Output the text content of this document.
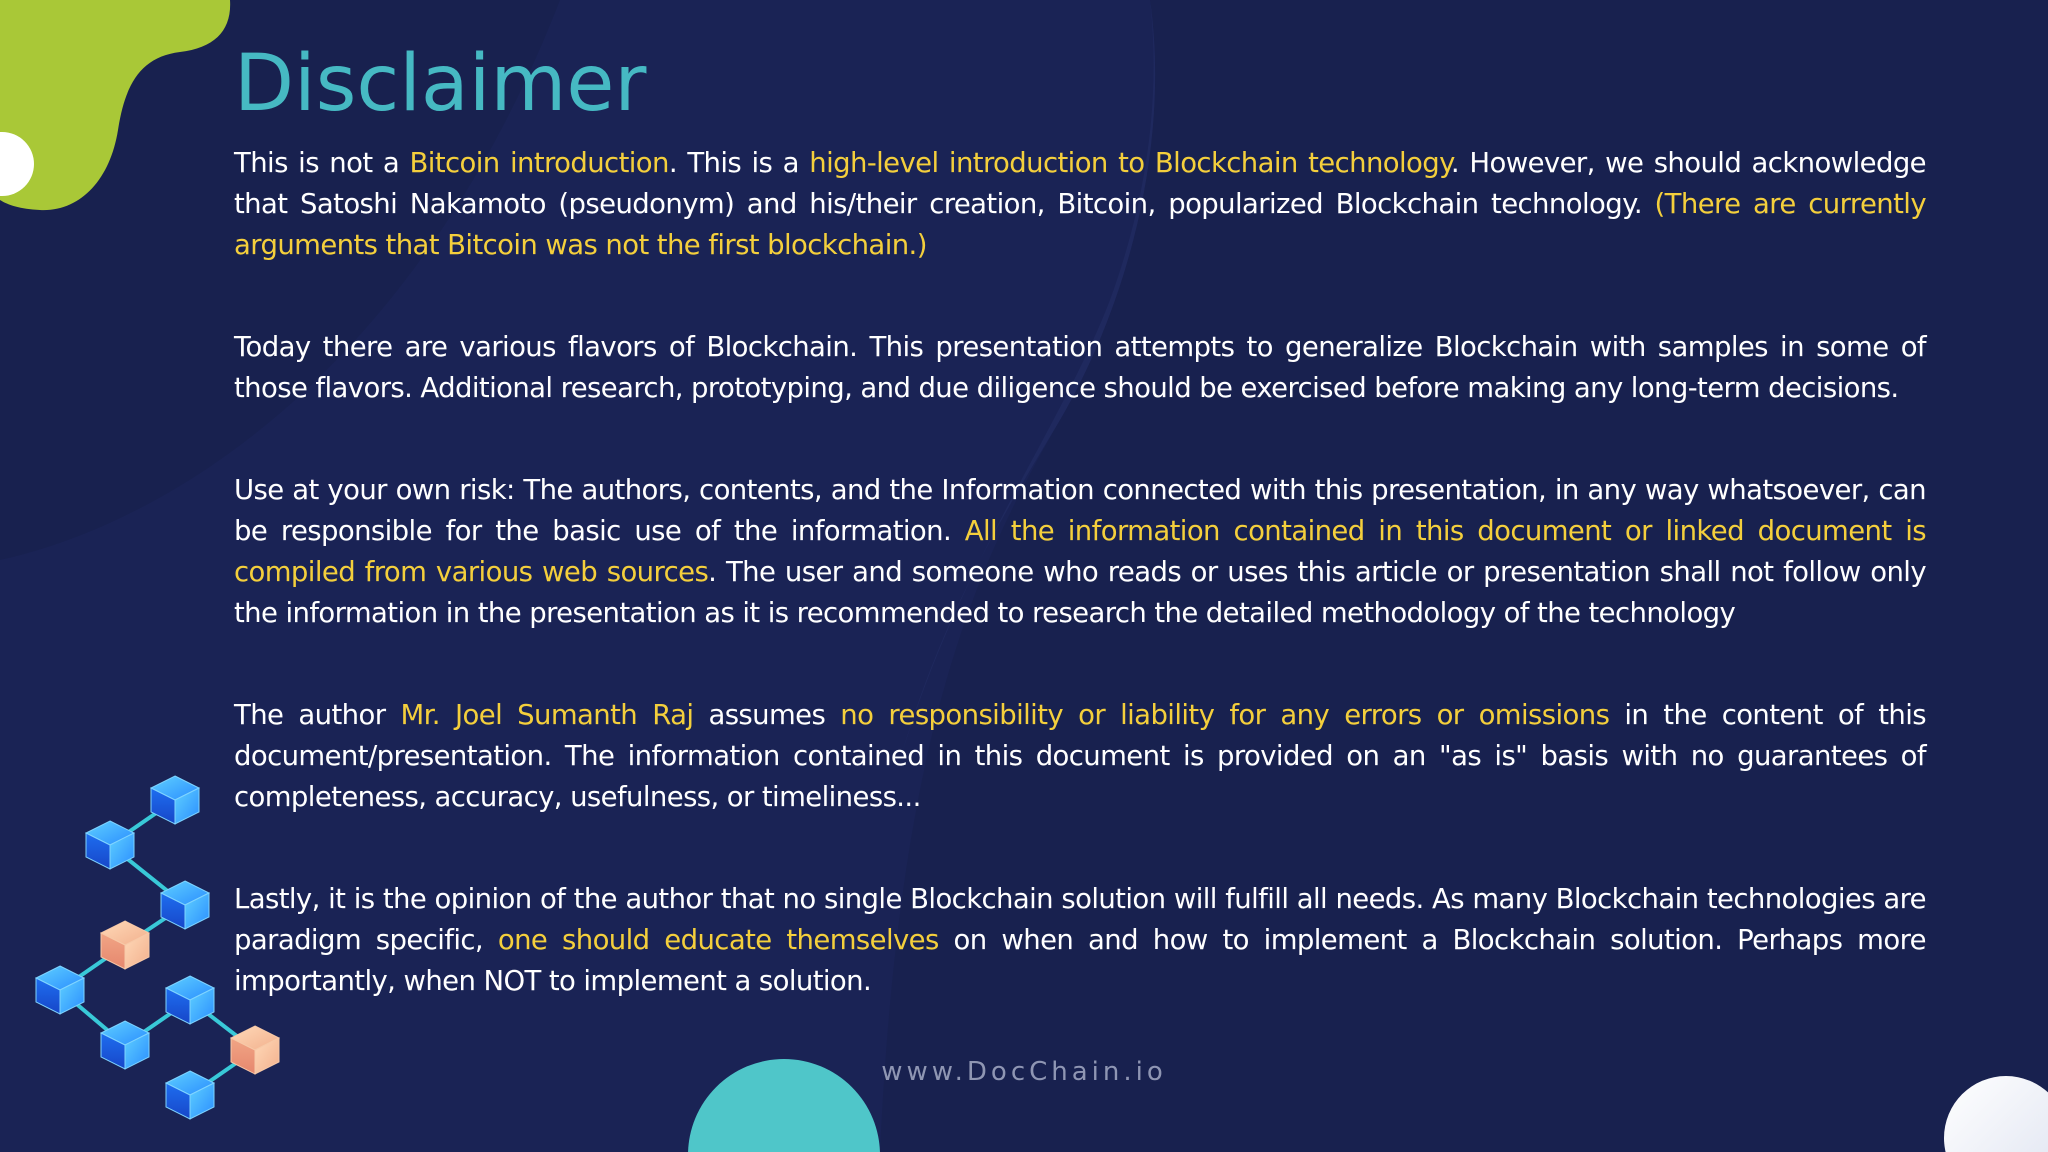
Disclaimer

This is not a Bitcoin introduction. This is a high-level introduction to Blockchain technology. However, we should acknowledge that Satoshi Nakamoto (pseudonym) and his/their creation, Bitcoin, popularized Blockchain technology. (There are currently arguments that Bitcoin was not the first blockchain.)

Today there are various flavors of Blockchain. This presentation attempts to generalize Blockchain with samples in some of those flavors. Additional research, prototyping, and due diligence should be exercised before making any long-term decisions.

Use at your own risk: The authors, contents, and the Information connected with this presentation, in any way whatsoever, can be responsible for the basic use of the information. All the information contained in this document or linked document is compiled from various web sources. The user and someone who reads or uses this article or presentation shall not follow only the information in the presentation as it is recommended to research the detailed methodology of the technology

The author Mr. Joel Sumanth Raj assumes no responsibility or liability for any errors or omissions in the content of this document/presentation. The information contained in this document is provided on an "as is" basis with no guarantees of completeness, accuracy, usefulness, or timeliness...

Lastly, it is the opinion of the author that no single Blockchain solution will fulfill all needs. As many Blockchain technologies are paradigm specific, one should educate themselves on when and how to implement a Blockchain solution. Perhaps more importantly, when NOT to implement a solution.

www.DocChain.io
